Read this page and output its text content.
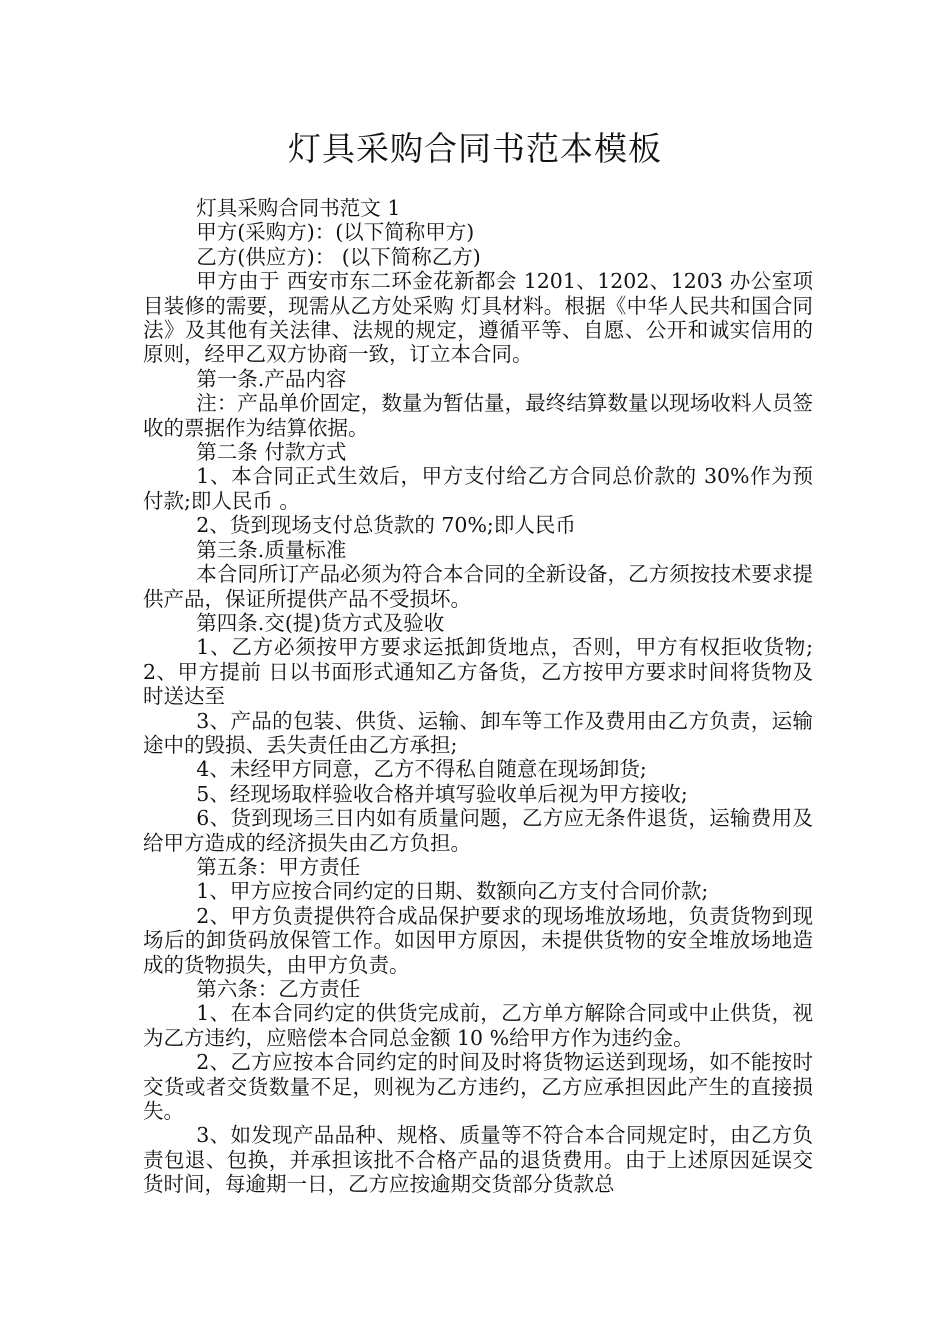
灯具采购合同书范本模板

灯具采购合同书范文 1

甲方(采购方)：(以下简称甲方)

乙方(供应方)： (以下简称乙方)

甲方由于 西安市东二环金花新都会 1201、1202、1203 办公室项目装修的需要，现需从乙方处采购 灯具材料。根据《中华人民共和国合同法》及其他有关法律、法规的规定，遵循平等、自愿、公开和诚实信用的原则，经甲乙双方协商一致，订立本合同。

第一条.产品内容

注：产品单价固定，数量为暂估量，最终结算数量以现场收料人员签收的票据作为结算依据。

第二条 付款方式

1、本合同正式生效后，甲方支付给乙方合同总价款的 30%作为预付款;即人民币 。

2、货到现场支付总货款的 70%;即人民币

第三条.质量标准

本合同所订产品必须为符合本合同的全新设备，乙方须按技术要求提供产品，保证所提供产品不受损坏。

第四条.交(提)货方式及验收

1、乙方必须按甲方要求运抵卸货地点，否则，甲方有权拒收货物; 2、甲方提前 日以书面形式通知乙方备货，乙方按甲方要求时间将货物及时送达至

3、产品的包装、供货、运输、卸车等工作及费用由乙方负责，运输途中的毁损、丢失责任由乙方承担;

4、未经甲方同意，乙方不得私自随意在现场卸货;

5、经现场取样验收合格并填写验收单后视为甲方接收;

6、货到现场三日内如有质量问题，乙方应无条件退货，运输费用及给甲方造成的经济损失由乙方负担。

第五条：甲方责任

1、甲方应按合同约定的日期、数额向乙方支付合同价款;

2、甲方负责提供符合成品保护要求的现场堆放场地，负责货物到现场后的卸货码放保管工作。如因甲方原因，未提供货物的安全堆放场地造成的货物损失，由甲方负责。

第六条：乙方责任

1、在本合同约定的供货完成前，乙方单方解除合同或中止供货，视为乙方违约，应赔偿本合同总金额 10 %给甲方作为违约金。

2、乙方应按本合同约定的时间及时将货物运送到现场，如不能按时交货或者交货数量不足，则视为乙方违约，乙方应承担因此产生的直接损失。

3、如发现产品品种、规格、质量等不符合本合同规定时，由乙方负责包退、包换，并承担该批不合格产品的退货费用。由于上述原因延误交货时间，每逾期一日，乙方应按逾期交货部分货款总
